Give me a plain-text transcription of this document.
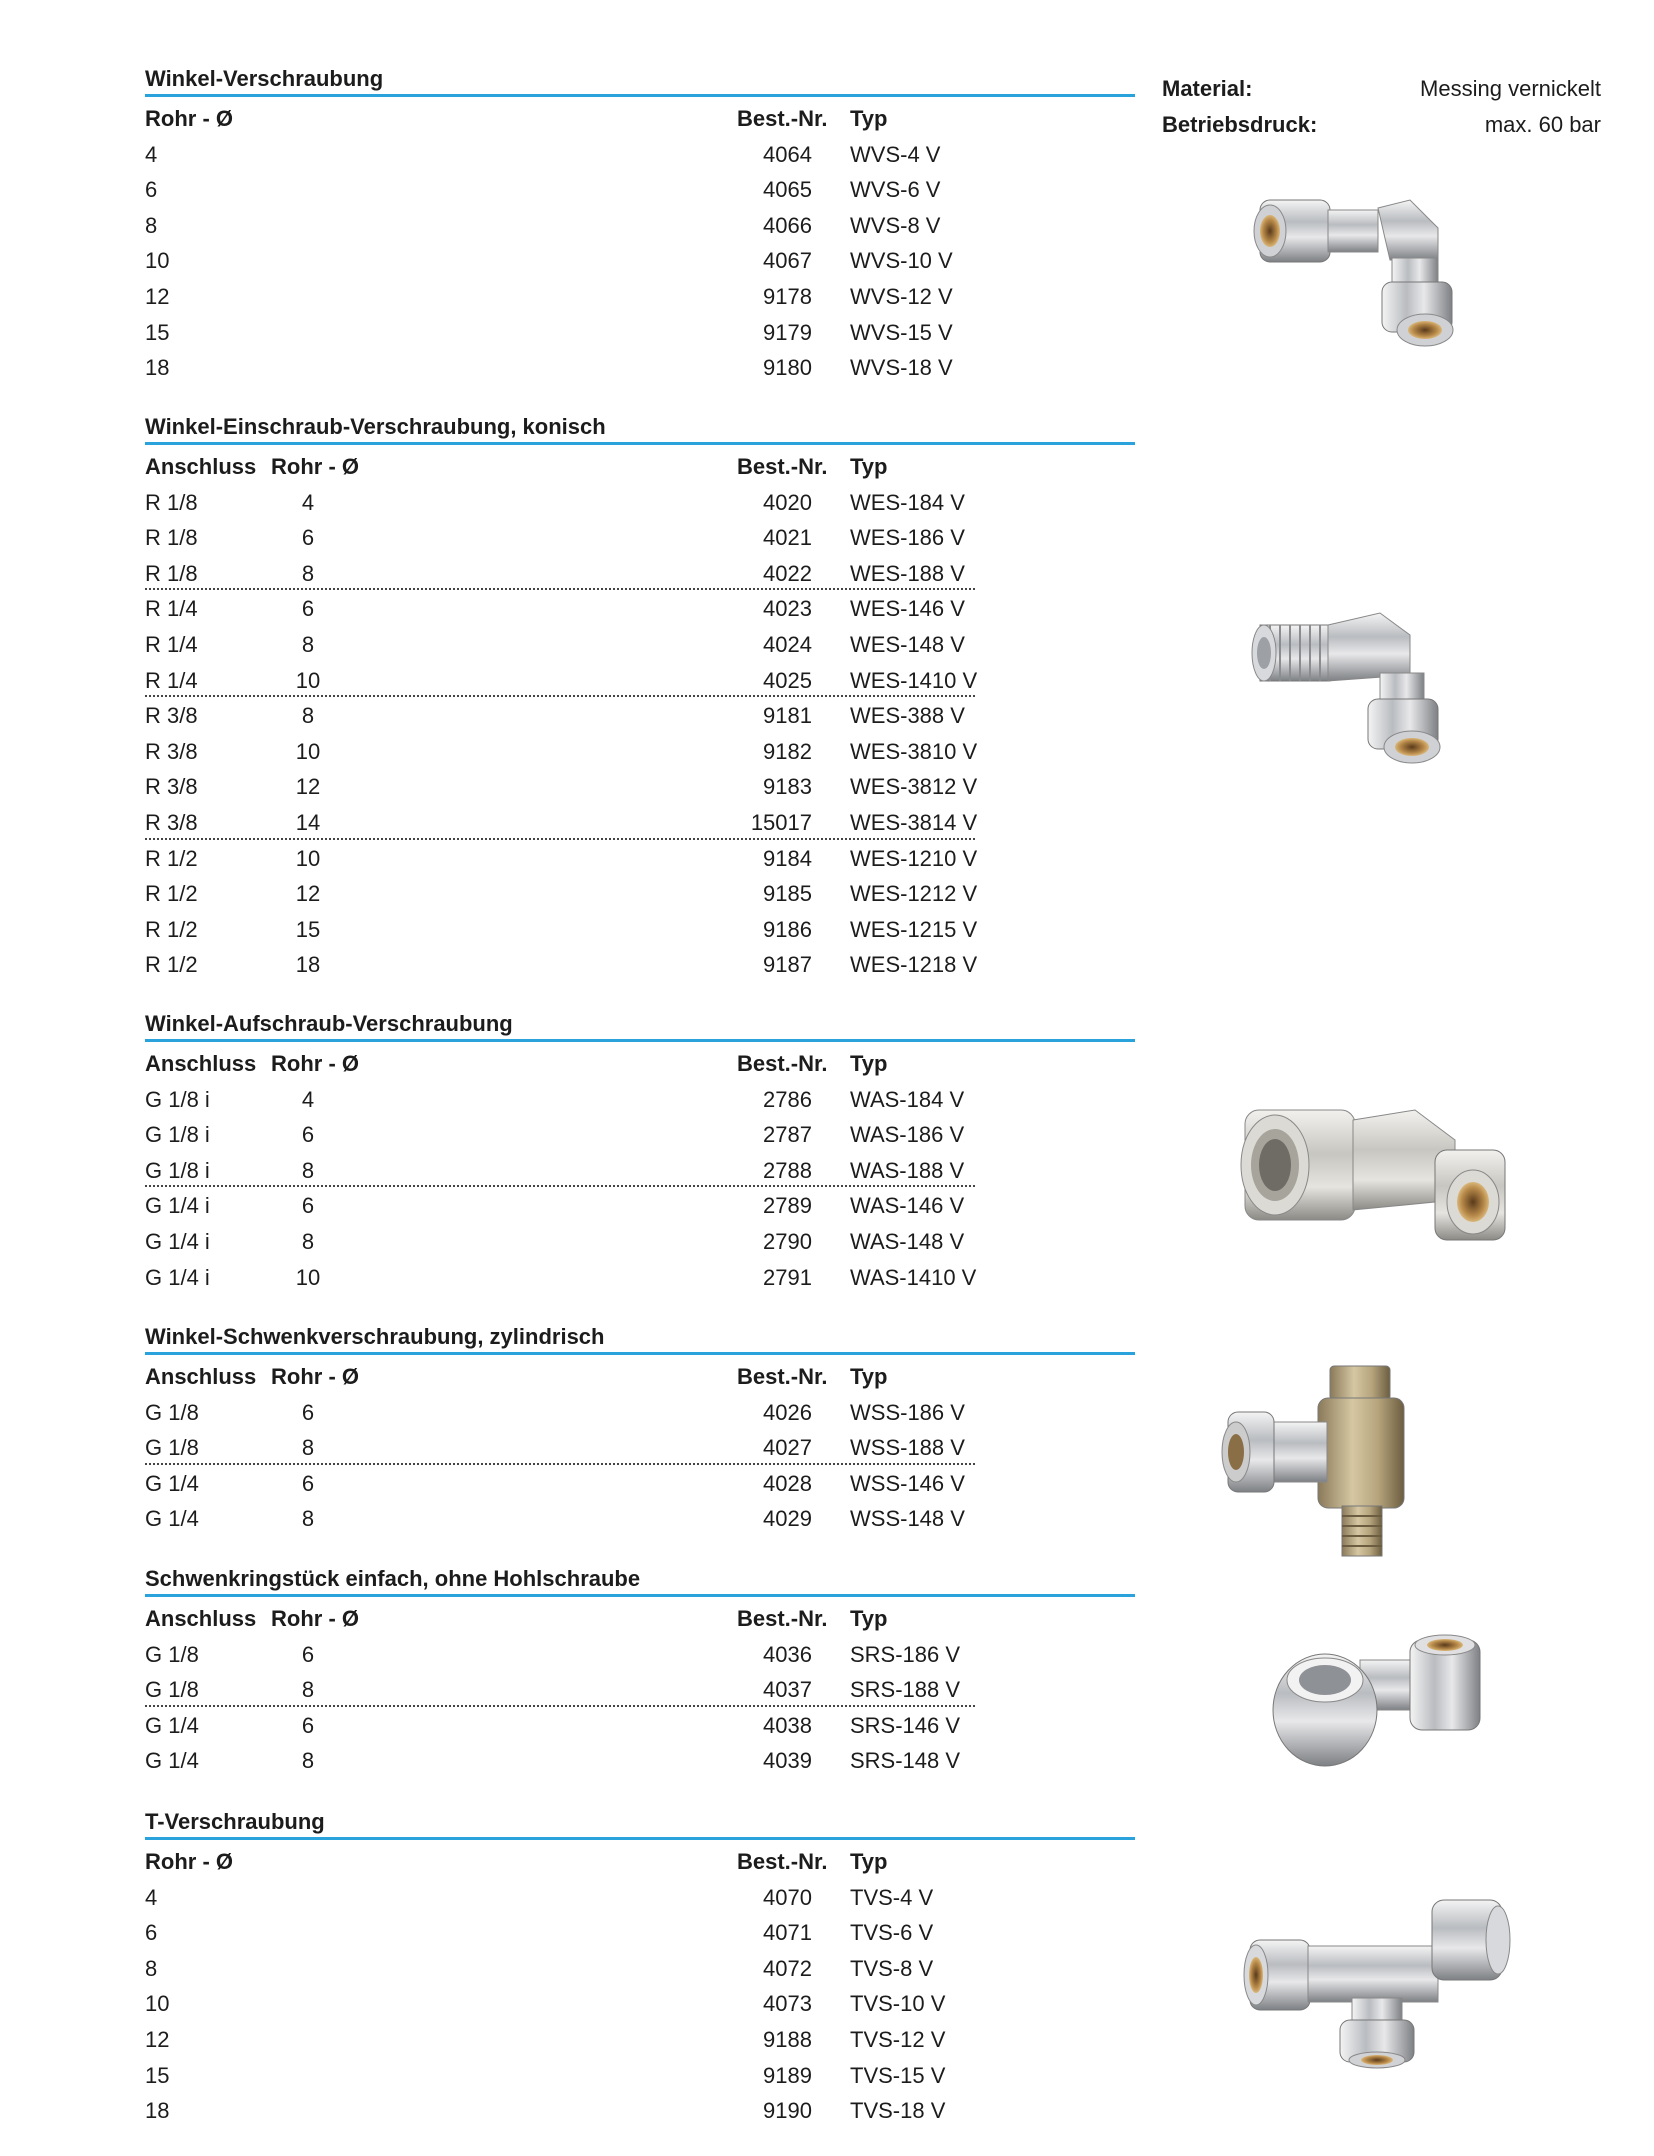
Material:	Messing vernickelt
Betriebsdruck:	max. 60 bar
Winkel-Verschraubung
Rohr - Ø	Best.-Nr. Typ
4	4064 WVS-4 V
6	4065 WVS-6 V
8	4066 WVS-8 V
10	4067 WVS-10 V
12	9178 WVS-12 V
15	9179 WVS-15 V
18	9180 WVS-18 V
Winkel-Einschraub-Verschraubung, konisch
Anschluss Rohr - Ø	Best.-Nr. Typ
R 1/8	4	4020 WES-184 V
R 1/8	6	4021 WES-186 V
R 1/8	8	4022 WES-188 V
R 1/4	6	4023 WES-146 V
R 1/4	8	4024 WES-148 V
R 1/4	10	4025 WES-1410 V
R 3/8	8	9181 WES-388 V
R 3/8	10	9182 WES-3810 V
R 3/8	12	9183 WES-3812 V
R 3/8	14	15017 WES-3814 V
R 1/2	10	9184 WES-1210 V
R 1/2	12	9185 WES-1212 V
R 1/2	15	9186 WES-1215 V
R 1/2	18	9187 WES-1218 V
Winkel-Aufschraub-Verschraubung
Anschluss Rohr - Ø	Best.-Nr. Typ
G 1/8 i	4	2786 WAS-184 V
G 1/8 i	6	2787 WAS-186 V
G 1/8 i	8	2788 WAS-188 V
G 1/4 i	6	2789 WAS-146 V
G 1/4 i	8	2790 WAS-148 V
G 1/4 i	10	2791 WAS-1410 V
Winkel-Schwenkverschraubung, zylindrisch
Anschluss Rohr - Ø	Best.-Nr. Typ
G 1/8	6	4026 WSS-186 V
G 1/8	8	4027 WSS-188 V
G 1/4	6	4028 WSS-146 V
G 1/4	8	4029 WSS-148 V
Schwenkringstück einfach, ohne Hohlschraube
Anschluss Rohr - Ø	Best.-Nr. Typ
G 1/8	6	4036 SRS-186 V
G 1/8	8	4037 SRS-188 V
G 1/4	6	4038 SRS-146 V
G 1/4	8	4039 SRS-148 V
T-Verschraubung
Rohr - Ø	Best.-Nr. Typ
4	4070 TVS-4 V
6	4071 TVS-6 V
8	4072 TVS-8 V
10	4073 TVS-10 V
12	9188 TVS-12 V
15	9189 TVS-15 V
18	9190 TVS-18 V
